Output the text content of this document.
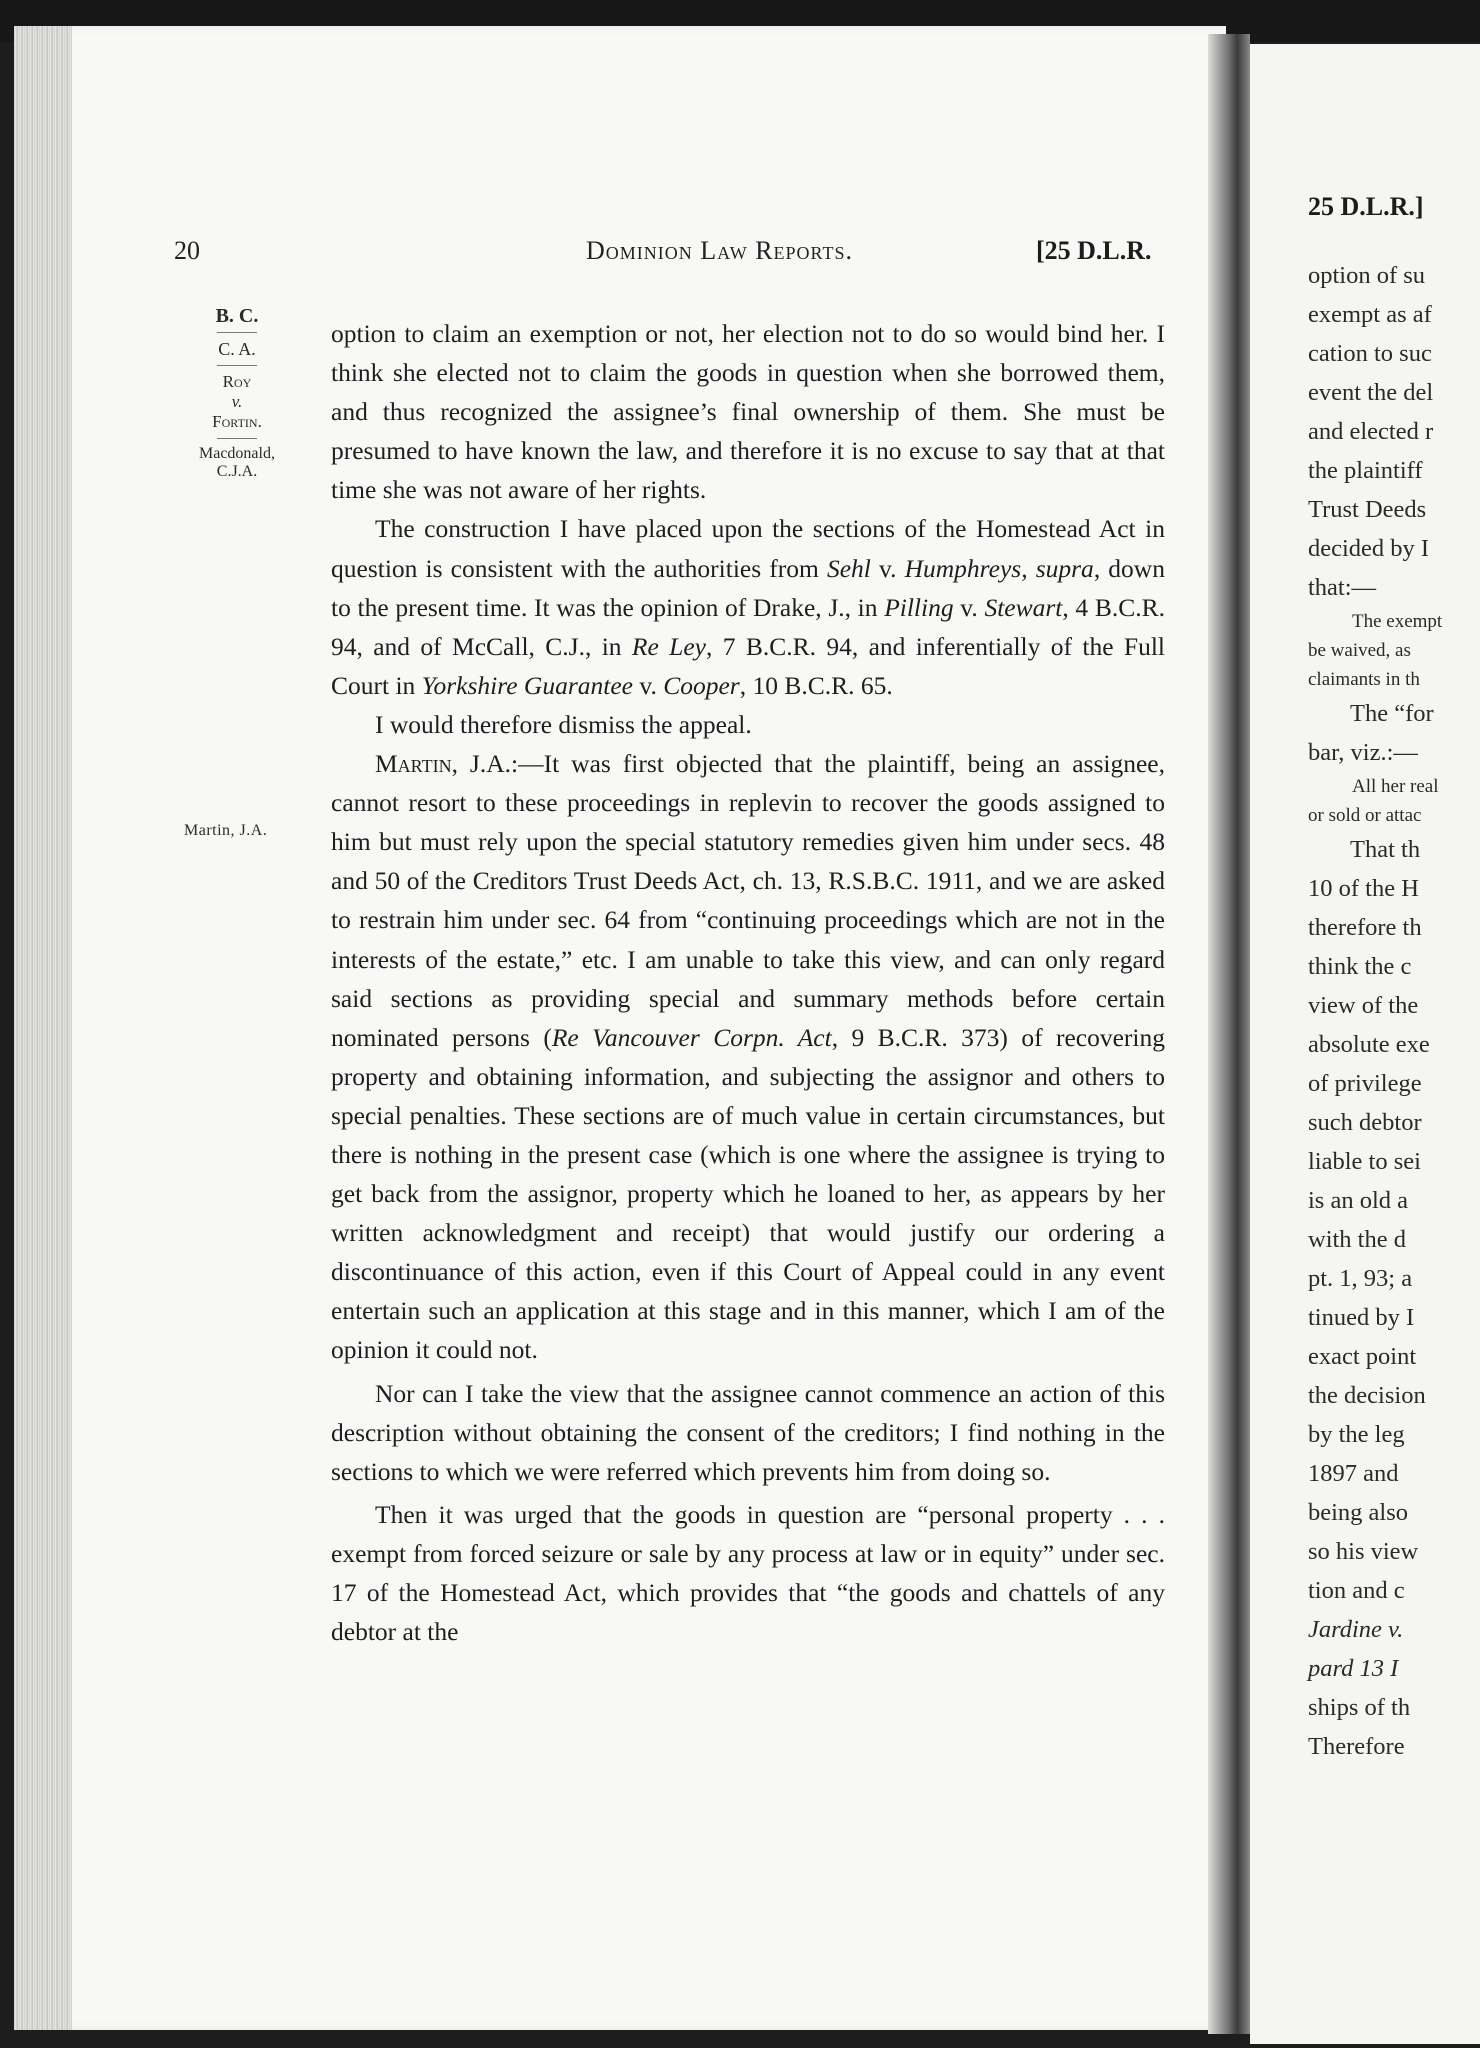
20	Dominion Law Reports.	[25 D.L.R.
B. C.
C. A.
Roy
v.
Fortin.
Macdonald,
C.J.A.
Martin, J.A.

option to claim an exemption or not, her election not to do so would bind her. I think she elected not to claim the goods in question when she borrowed them, and thus recognized the assignee’s final ownership of them. She must be presumed to have known the law, and therefore it is no excuse to say that at that time she was not aware of her rights.

The construction I have placed upon the sections of the Homestead Act in question is consistent with the authorities from Sehl v. Humphreys, supra, down to the present time. It was the opinion of Drake, J., in Pilling v. Stewart, 4 B.C.R. 94, and of McCall, C.J., in Re Ley, 7 B.C.R. 94, and inferentially of the Full Court in Yorkshire Guarantee v. Cooper, 10 B.C.R. 65.

I would therefore dismiss the appeal.

Martin, J.A.:—It was first objected that the plaintiff, being an assignee, cannot resort to these proceedings in replevin to recover the goods assigned to him but must rely upon the special statutory remedies given him under secs. 48 and 50 of the Creditors Trust Deeds Act, ch. 13, R.S.B.C. 1911, and we are asked to restrain him under sec. 64 from “continuing proceedings which are not in the interests of the estate,” etc. I am unable to take this view, and can only regard said sections as providing special and summary methods before certain nominated persons (Re Vancouver Corpn. Act, 9 B.C.R. 373) of recovering property and obtaining information, and subjecting the assignor and others to special penalties. These sections are of much value in certain circumstances, but there is nothing in the present case (which is one where the assignee is trying to get back from the assignor, property which he loaned to her, as appears by her written acknowledgment and receipt) that would justify our ordering a discontinuance of this action, even if this Court of Appeal could in any event entertain such an application at this stage and in this manner, which I am of the opinion it could not.

Nor can I take the view that the assignee cannot commence an action of this description without obtaining the consent of the creditors; I find nothing in the sections to which we were referred which prevents him from doing so.

Then it was urged that the goods in question are “personal property . . . exempt from forced seizure or sale by any process at law or in equity” under sec. 17 of the Homestead Act, which provides that “the goods and chattels of any debtor at the

25 D.L.R.]
option of su
exempt as af
cation to suc
event the del
and elected r
the plaintiff
Trust Deeds
decided by I
that:—
The exempt
be waived, as
claimants in th
The “for
bar, viz.:—
All her real
or sold or attac
That th
10 of the H
therefore th
think the c
view of the
absolute exe
of privilege
such debtor
liable to sei
is an old a
with the d
pt. 1, 93; a
tinued by I
exact point
the decision
by the leg
1897 and
being also
so his view
tion and c
Jardine v.
pard 13 I
ships of th
Therefore
